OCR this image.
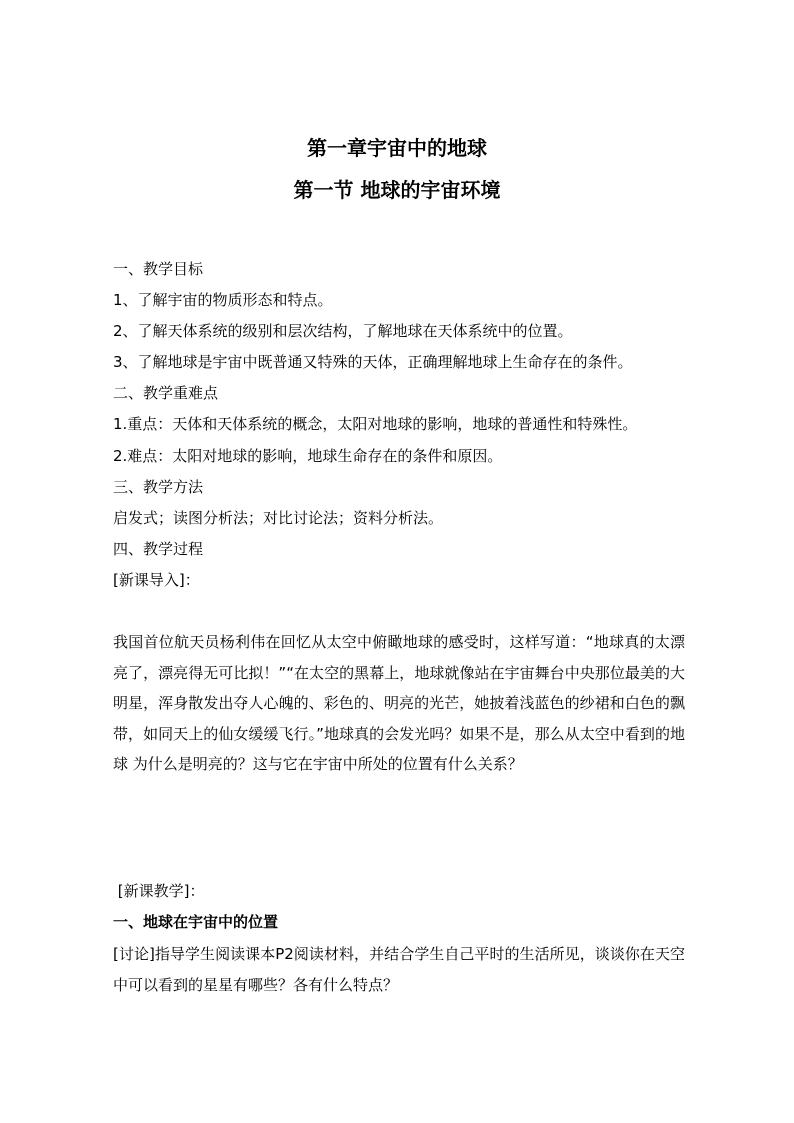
第一章宇宙中的地球
第一节 地球的宇宙环境
一、教学目标
1、了解宇宙的物质形态和特点。
2、了解天体系统的级别和层次结构，了解地球在天体系统中的位置。
3、了解地球是宇宙中既普通又特殊的天体，正确理解地球上生命存在的条件。
二、教学重难点
1.重点：天体和天体系统的概念，太阳对地球的影响，地球的普通性和特殊性。
2.难点：太阳对地球的影响，地球生命存在的条件和原因。
三、教学方法
启发式；读图分析法；对比讨论法；资料分析法。
四、教学过程
[新课导入]：
我国首位航天员杨利伟在回忆从太空中俯瞰地球的感受时，这样写道：“地球真的太漂亮了，漂亮得无可比拟！”“在太空的黑幕上，地球就像站在宇宙舞台中央那位最美的大明星，浑身散发出夺人心魄的、彩色的、明亮的光芒，她披着浅蓝色的纱裙和白色的飘带，如同天上的仙女缓缓飞行。”地球真的会发光吗？如果不是，那么从太空中看到的地球 为什么是明亮的？这与它在宇宙中所处的位置有什么关系？
[新课教学]：
一、地球在宇宙中的位置
[讨论]指导学生阅读课本P2阅读材料，并结合学生自己平时的生活所见，谈谈你在天空中可以看到的星星有哪些？各有什么特点？
